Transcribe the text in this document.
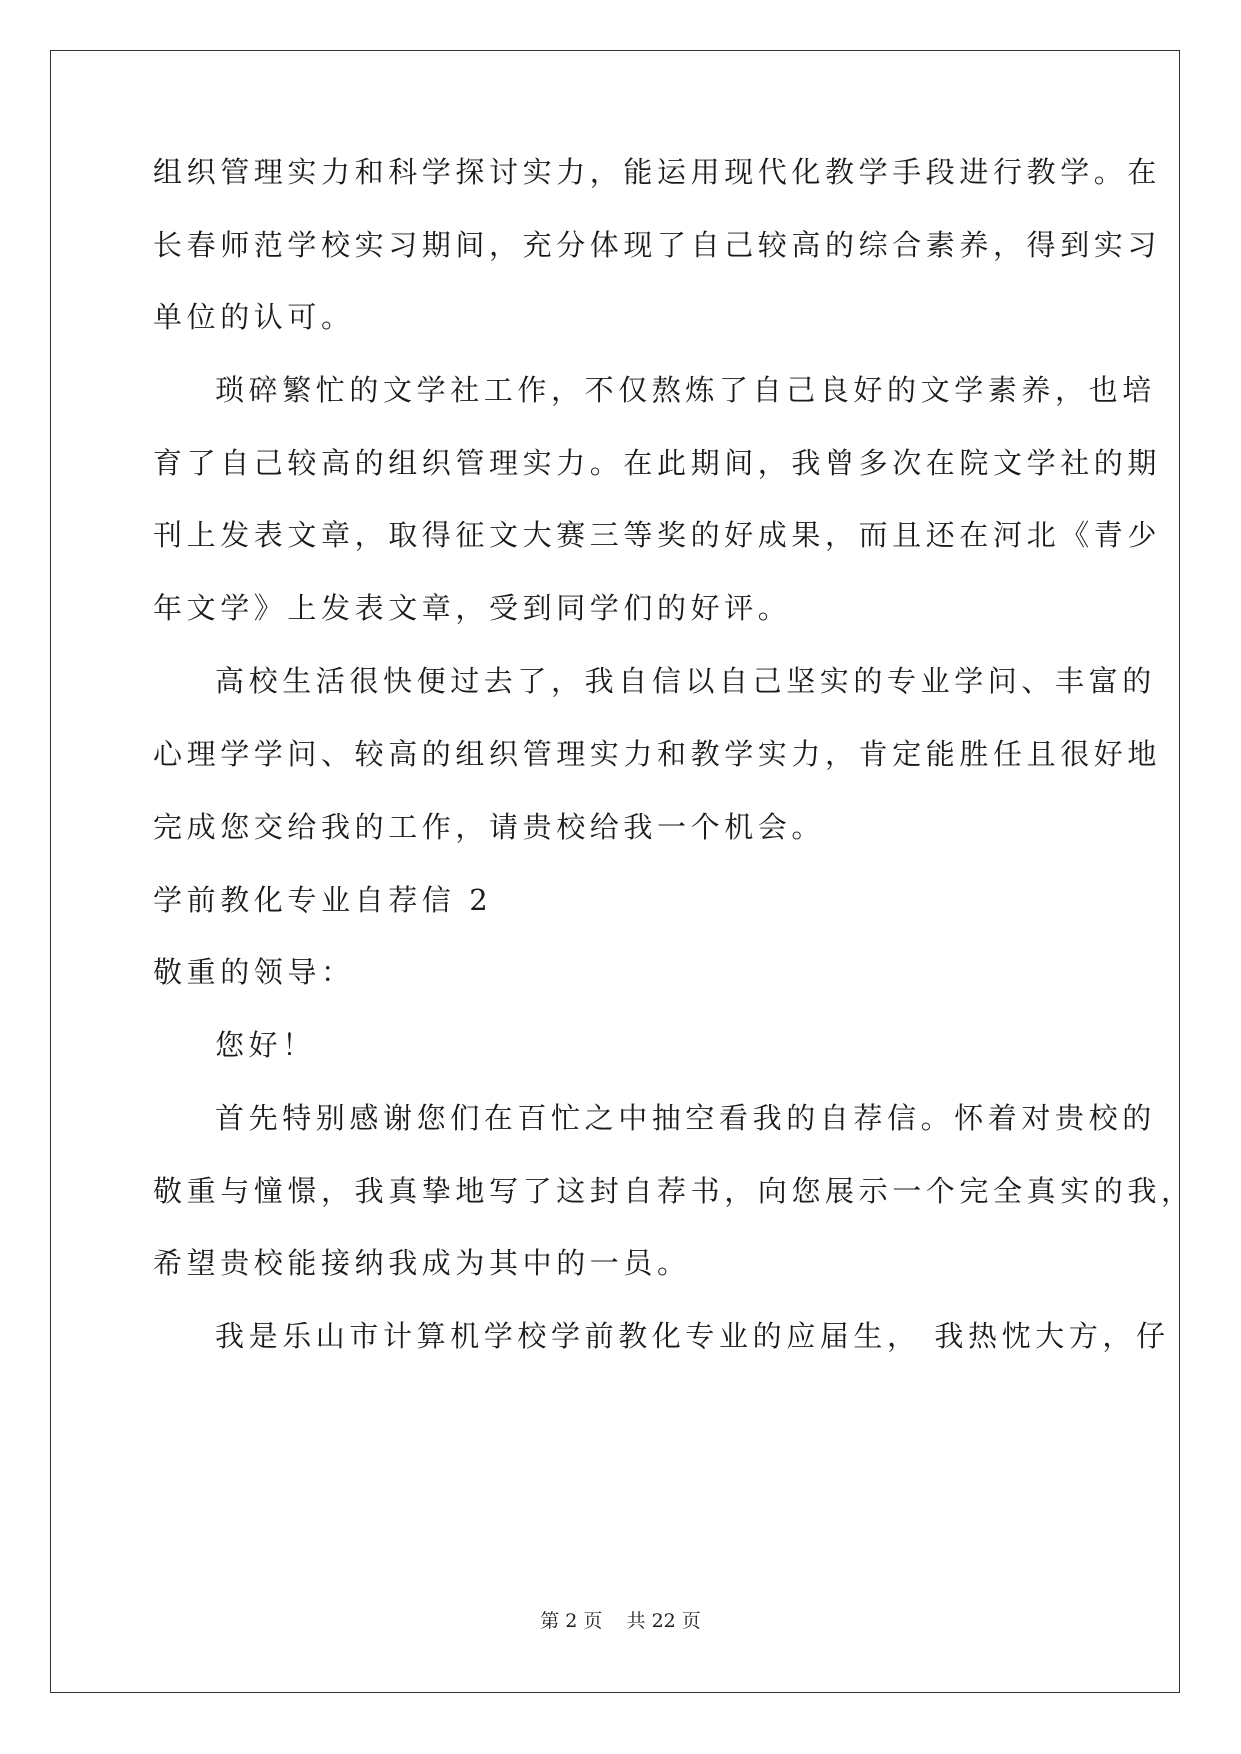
组织管理实力和科学探讨实力，能运用现代化教学手段进行教学。在
长春师范学校实习期间，充分体现了自己较高的综合素养，得到实习
单位的认可。
琐碎繁忙的文学社工作，不仅熬炼了自己良好的文学素养，也培
育了自己较高的组织管理实力。在此期间，我曾多次在院文学社的期
刊上发表文章，取得征文大赛三等奖的好成果，而且还在河北《青少
年文学》上发表文章，受到同学们的好评。
高校生活很快便过去了，我自信以自己坚实的专业学问、丰富的
心理学学问、较高的组织管理实力和教学实力，肯定能胜任且很好地
完成您交给我的工作，请贵校给我一个机会。
学前教化专业自荐信 2
敬重的领导：
您好！
首先特别感谢您们在百忙之中抽空看我的自荐信。怀着对贵校的
敬重与憧憬，我真挚地写了这封自荐书，向您展示一个完全真实的我，
希望贵校能接纳我成为其中的一员。
我是乐山市计算机学校学前教化专业的应届生， 我热忱大方，仔
第 2 页    共 22 页
